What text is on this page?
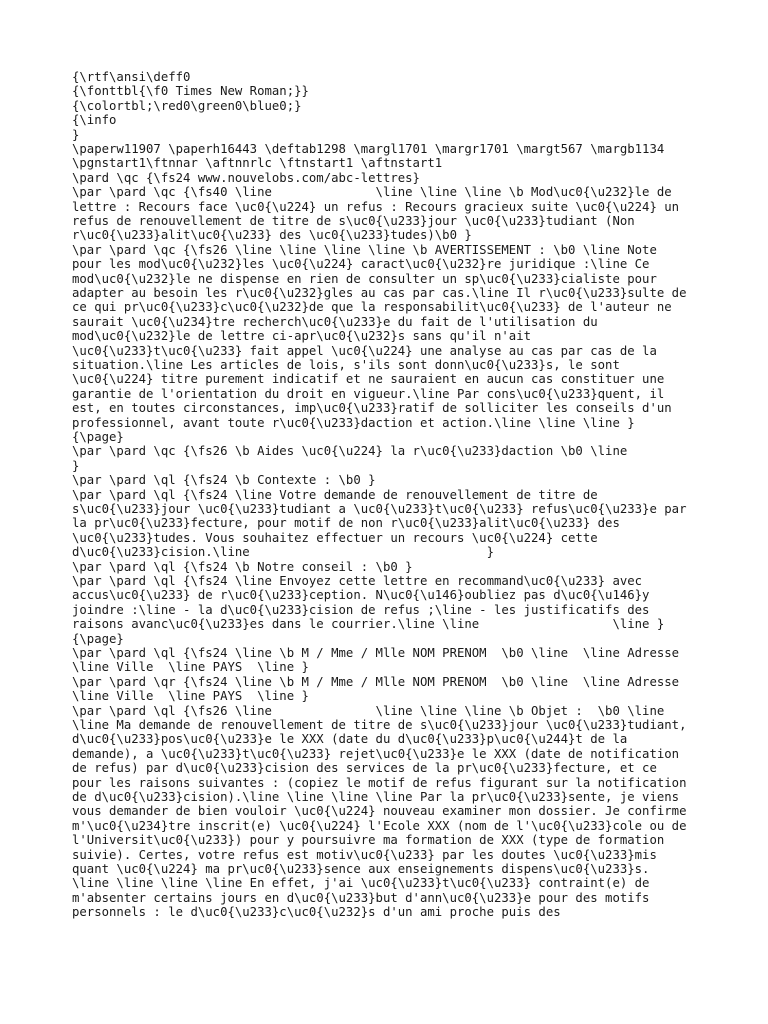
{\rtf\ansi\deff0
{\fonttbl{\f0 Times New Roman;}}
{\colortbl;\red0\green0\blue0;}
{\info
}
\paperw11907 \paperh16443 \deftab1298 \margl1701 \margr1701 \margt567 \margb1134
\pgnstart1\ftnnar \aftnnrlc \ftnstart1 \aftnstart1
\pard \qc {\fs24 www.nouvelobs.com/abc-lettres}
\par \pard \qc {\fs40 \line              \line \line \line \b Mod\uc0{\u232}le de
lettre : Recours face \uc0{\u224} un refus : Recours gracieux suite \uc0{\u224} un
refus de renouvellement de titre de s\uc0{\u233}jour \uc0{\u233}tudiant (Non
r\uc0{\u233}alit\uc0{\u233} des \uc0{\u233}tudes)\b0 }
\par \pard \qc {\fs26 \line \line \line \line \b AVERTISSEMENT : \b0 \line Note
pour les mod\uc0{\u232}les \uc0{\u224} caract\uc0{\u232}re juridique :\line Ce
mod\uc0{\u232}le ne dispense en rien de consulter un sp\uc0{\u233}cialiste pour
adapter au besoin les r\uc0{\u232}gles au cas par cas.\line Il r\uc0{\u233}sulte de
ce qui pr\uc0{\u233}c\uc0{\u232}de que la responsabilit\uc0{\u233} de l'auteur ne
saurait \uc0{\u234}tre recherch\uc0{\u233}e du fait de l'utilisation du
mod\uc0{\u232}le de lettre ci-apr\uc0{\u232}s sans qu'il n'ait
\uc0{\u233}t\uc0{\u233} fait appel \uc0{\u224} une analyse au cas par cas de la
situation.\line Les articles de lois, s'ils sont donn\uc0{\u233}s, le sont
\uc0{\u224} titre purement indicatif et ne sauraient en aucun cas constituer une
garantie de l'orientation du droit en vigueur.\line Par cons\uc0{\u233}quent, il
est, en toutes circonstances, imp\uc0{\u233}ratif de solliciter les conseils d'un
professionnel, avant toute r\uc0{\u233}daction et action.\line \line \line }
{\page}
\par \pard \qc {\fs26 \b Aides \uc0{\u224} la r\uc0{\u233}daction \b0 \line
}
\par \pard \ql {\fs24 \b Contexte : \b0 }
\par \pard \ql {\fs24 \line Votre demande de renouvellement de titre de
s\uc0{\u233}jour \uc0{\u233}tudiant a \uc0{\u233}t\uc0{\u233} refus\uc0{\u233}e par
la pr\uc0{\u233}fecture, pour motif de non r\uc0{\u233}alit\uc0{\u233} des
\uc0{\u233}tudes. Vous souhaitez effectuer un recours \uc0{\u224} cette
d\uc0{\u233}cision.\line                                }
\par \pard \ql {\fs24 \b Notre conseil : \b0 }
\par \pard \ql {\fs24 \line Envoyez cette lettre en recommand\uc0{\u233} avec
accus\uc0{\u233} de r\uc0{\u233}ception. N\uc0{\u146}oubliez pas d\uc0{\u146}y
joindre :\line - la d\uc0{\u233}cision de refus ;\line - les justificatifs des
raisons avanc\uc0{\u233}es dans le courrier.\line \line                  \line }
{\page}
\par \pard \ql {\fs24 \line \b M / Mme / Mlle NOM PRENOM  \b0 \line  \line Adresse
\line Ville  \line PAYS  \line }
\par \pard \qr {\fs24 \line \b M / Mme / Mlle NOM PRENOM  \b0 \line  \line Adresse
\line Ville  \line PAYS  \line }
\par \pard \ql {\fs26 \line              \line \line \line \b Objet :  \b0 \line
\line Ma demande de renouvellement de titre de s\uc0{\u233}jour \uc0{\u233}tudiant,
d\uc0{\u233}pos\uc0{\u233}e le XXX (date du d\uc0{\u233}p\uc0{\u244}t de la
demande), a \uc0{\u233}t\uc0{\u233} rejet\uc0{\u233}e le XXX (date de notification
de refus) par d\uc0{\u233}cision des services de la pr\uc0{\u233}fecture, et ce
pour les raisons suivantes : (copiez le motif de refus figurant sur la notification
de d\uc0{\u233}cision).\line \line \line \line Par la pr\uc0{\u233}sente, je viens
vous demander de bien vouloir \uc0{\u224} nouveau examiner mon dossier. Je confirme
m'\uc0{\u234}tre inscrit(e) \uc0{\u224} l'Ecole XXX (nom de l'\uc0{\u233}cole ou de
l'Universit\uc0{\u233}) pour y poursuivre ma formation de XXX (type de formation
suivie). Certes, votre refus est motiv\uc0{\u233} par les doutes \uc0{\u233}mis
quant \uc0{\u224} ma pr\uc0{\u233}sence aux enseignements dispens\uc0{\u233}s.
\line \line \line \line En effet, j'ai \uc0{\u233}t\uc0{\u233} contraint(e) de
m'absenter certains jours en d\uc0{\u233}but d'ann\uc0{\u233}e pour des motifs
personnels : le d\uc0{\u233}c\uc0{\u232}s d'un ami proche puis des
